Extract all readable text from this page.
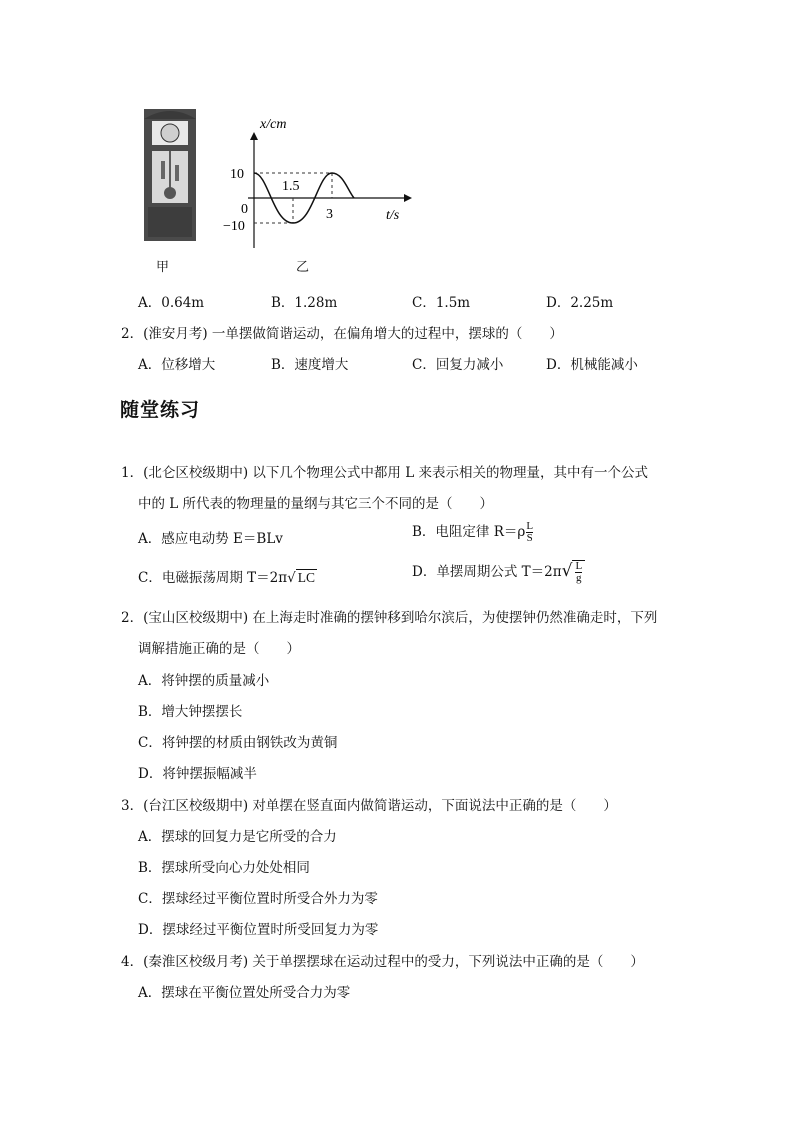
x/cm
10
0
−10
1.5
3	t/s
甲	乙
A．0.64m	B．1.28m	C．1.5m	D．2.25m
2．(淮安月考) 一单摆做简谐运动，在偏角增大的过程中，摆球的（　　）
A．位移增大	B．速度增大	C．回复力减小	D．机械能减小
随堂练习
1．(北仑区校级期中) 以下几个物理公式中都用 L 来表示相关的物理量，其中有一个公式
中的 L 所代表的物理量的量纲与其它三个不同的是（　　）
A．感应电动势 E＝BLv	B．电阻定律 $R=\rho \frac{L}{S}$
C．电磁振荡周期 T＝2π√ LC	D．单摆周期公式 $T=2\pi√ \frac{L}{g}$
2．(宝山区校级期中) 在上海走时准确的摆钟移到哈尔滨后，为使摆钟仍然准确走时，下列
调解措施正确的是（　　）
A．将钟摆的质量减小
B．增大钟摆摆长
C．将钟摆的材质由钢铁改为黄铜
D．将钟摆振幅减半
3．(台江区校级期中) 对单摆在竖直面内做简谐运动，下面说法中正确的是（　　）
A．摆球的回复力是它所受的合力
B．摆球所受向心力处处相同
C．摆球经过平衡位置时所受合外力为零
D．摆球经过平衡位置时所受回复力为零
4．(秦淮区校级月考) 关于单摆摆球在运动过程中的受力，下列说法中正确的是（　　）
A．摆球在平衡位置处所受合力为零
